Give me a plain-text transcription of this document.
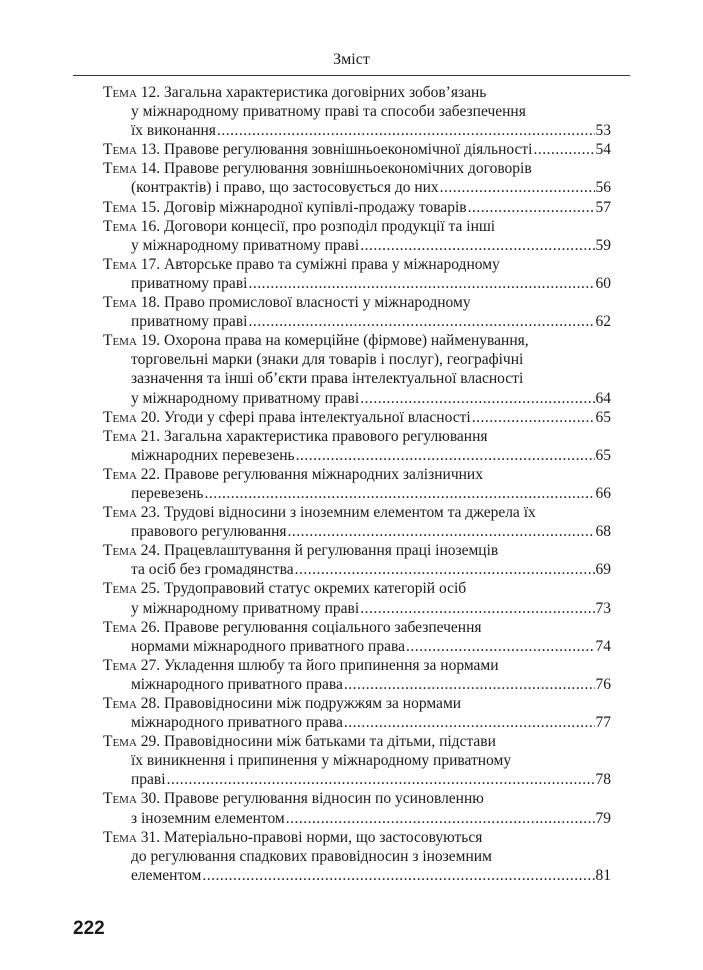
Зміст
Тема 12.
Загальна характеристика договірних зобов’язань
у міжнародному приватному праві та способи забезпечення
їх виконання .....	53
Тема 13.
Правове регулювання зовнішньоекономічної діяльності .....	54
Тема 14.
Правове регулювання зовнішньоекономічних договорів
(контрактів) і право, що застосовується до них .....	56
Тема 15.
Договір міжнародної купівлі-продажу товарів .....	57
Тема 16.
Договори концесії, про розподіл продукції та інші
у міжнародному приватному праві .....	59
Тема 17.
Авторське право та суміжні права у міжнародному
приватному праві .....	60
Тема 18.
Право промислової власності у міжнародному
приватному праві .....	62
Тема 19.
Охорона права на комерційне (фірмове) найменування,
торговельні марки (знаки для товарів і послуг), географічні
зазначення та інші об’єкти права інтелектуальної власності
у міжнародному приватному праві .....	64
Тема 20.
Угоди у сфері права інтелектуальної власності .....	65
Тема 21.
Загальна характеристика правового регулювання
міжнародних перевезень .....	65
Тема 22.
Правове регулювання міжнародних залізничних
перевезень .....	66
Тема 23.
Трудові відносини з іноземним елементом та джерела їх
правового регулювання .....	68
Тема 24.
Працевлаштування й регулювання праці іноземців
та осіб без громадянства .....	69
Тема 25.
Трудоправовий статус окремих категорій осіб
у міжнародному приватному праві .....	73
Тема 26.
Правове регулювання соціального забезпечення
нормами міжнародного приватного права .....	74
Тема 27.
Укладення шлюбу та його припинення за нормами
міжнародного приватного права .....	76
Тема 28.
Правовідносини між подружжям за нормами
міжнародного приватного права .....	77
Тема 29.
Правовідносини між батьками та дітьми, підстави
їх виникнення і припинення у міжнародному приватному
праві .....	78
Тема 30.
Правове регулювання відносин по усиновленню
з іноземним елементом .....	79
Тема 31.
Матеріально-правові норми, що застосовуються
до регулювання спадкових правовідносин з іноземним
елементом .....	81
222
